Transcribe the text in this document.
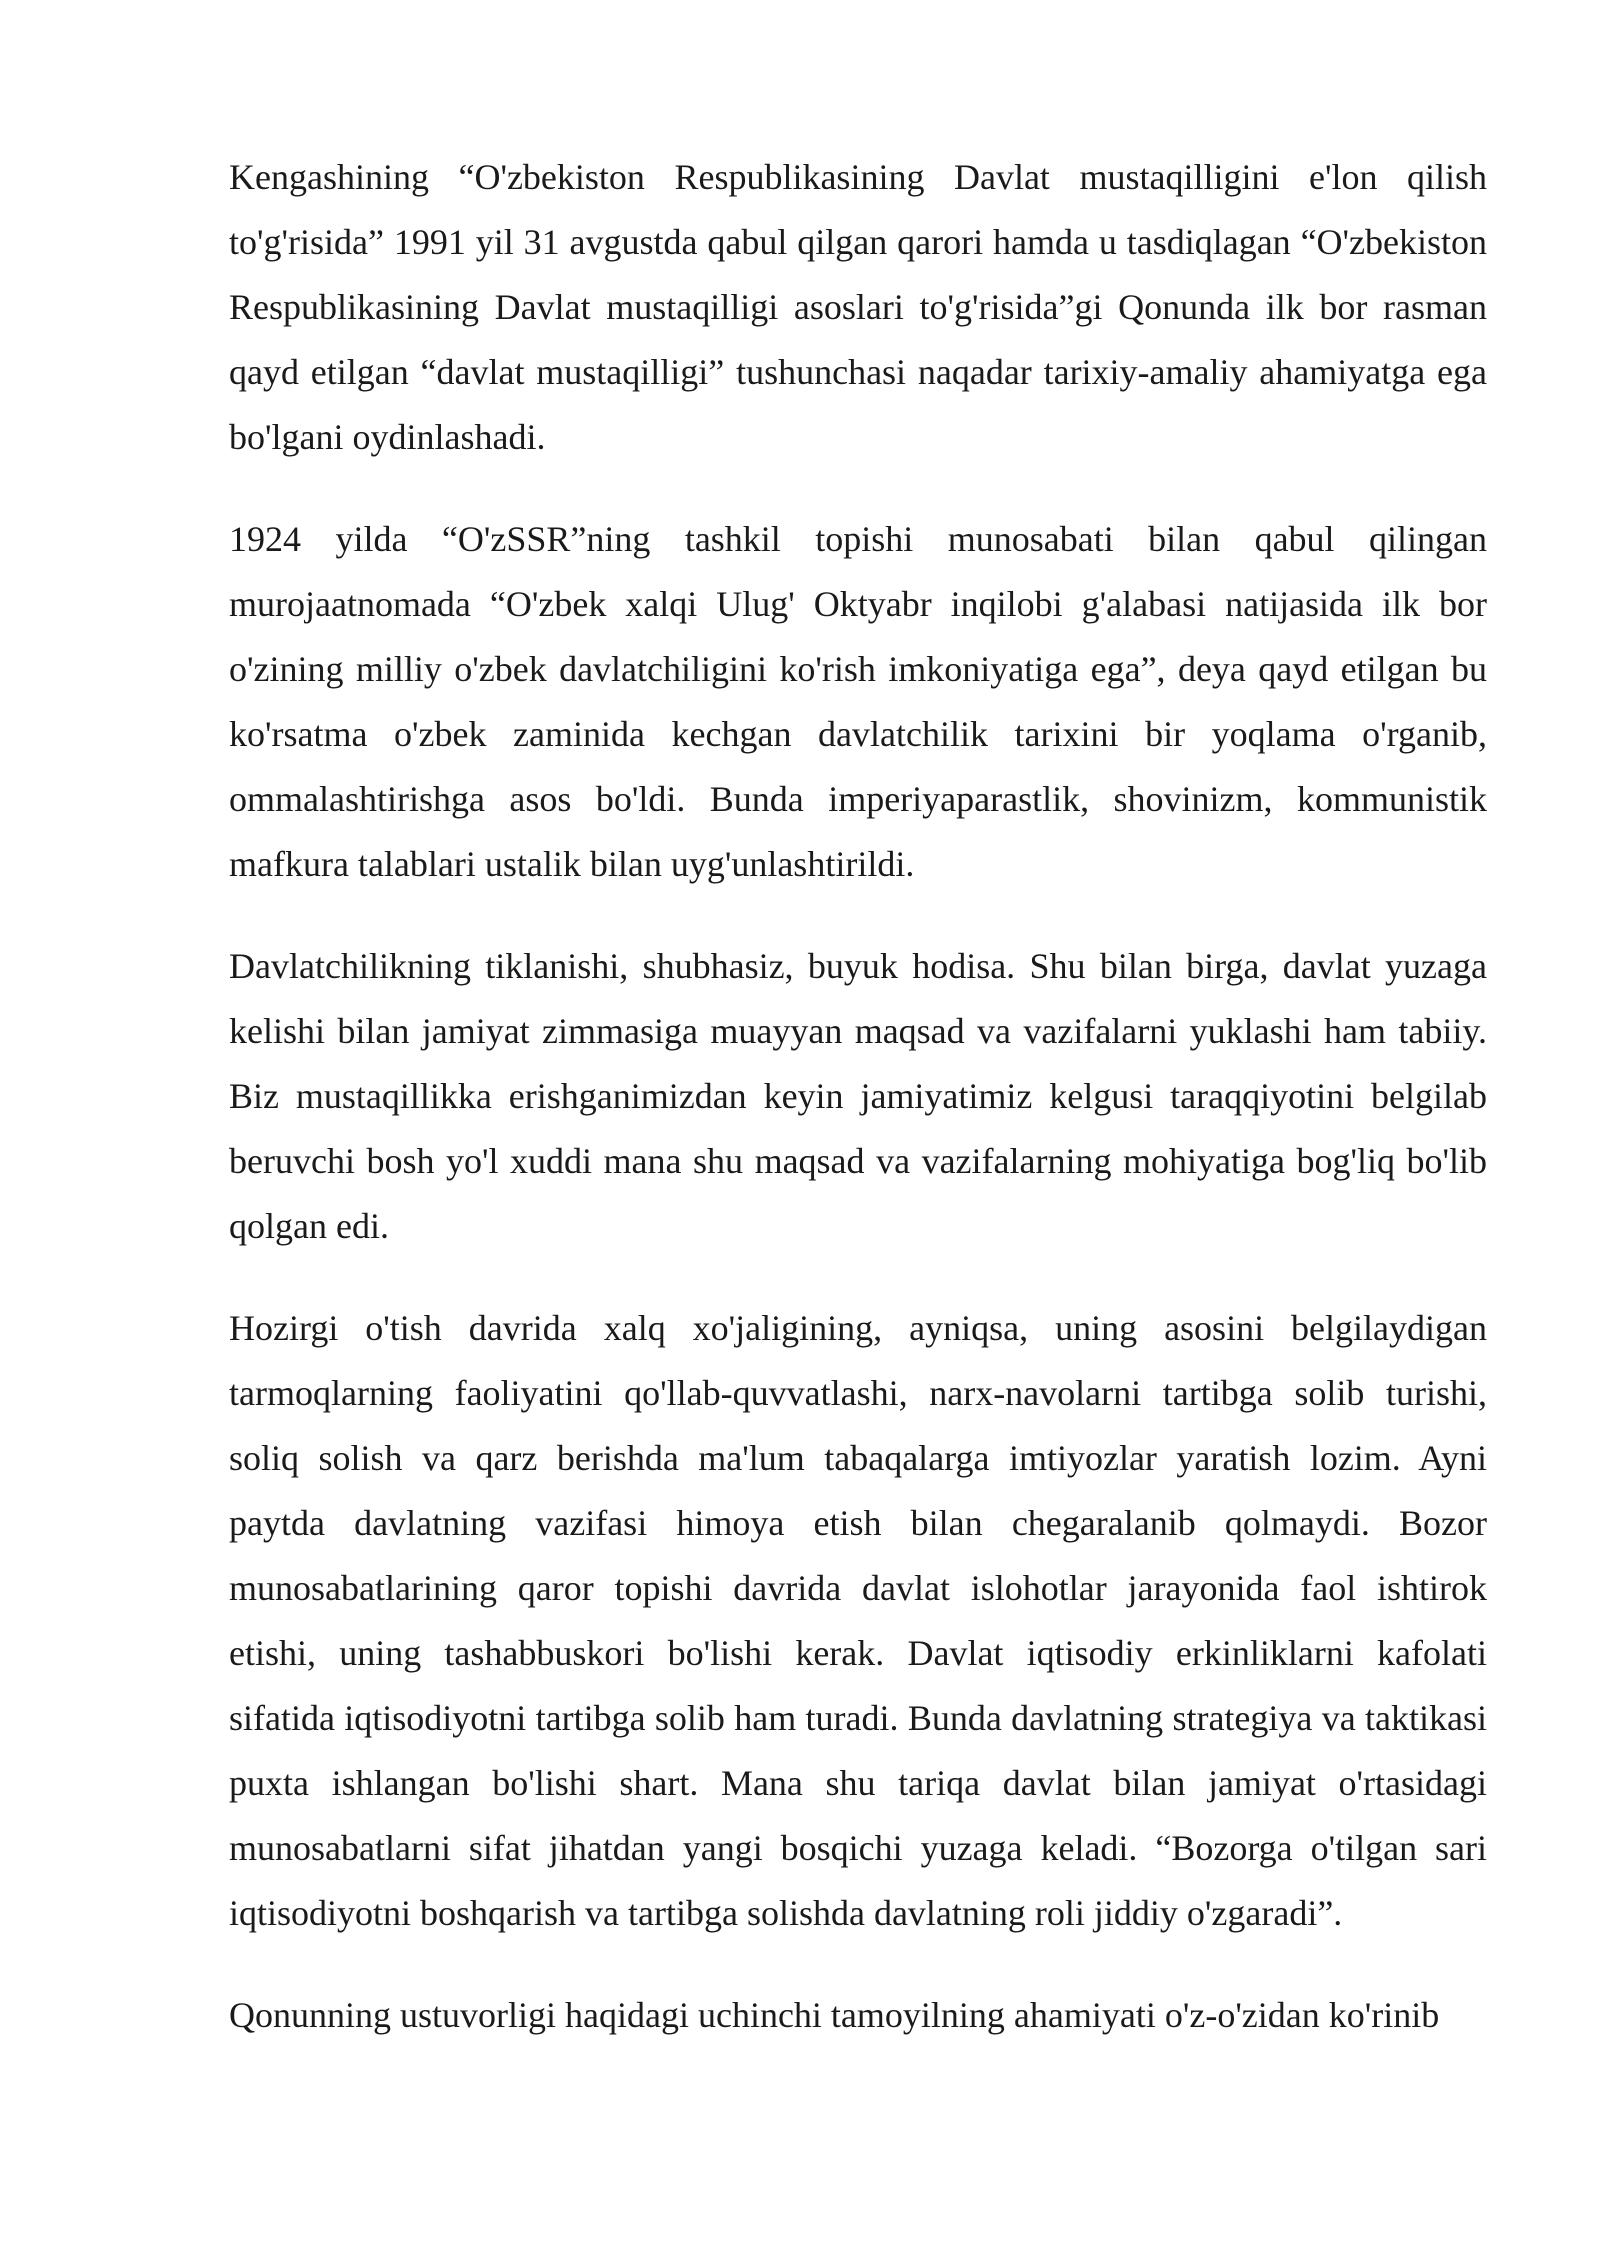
Kengashining “O'zbekiston Respublikasining Davlat mustaqilligini e'lon qilish to'g'risida” 1991 yil 31 avgustda qabul qilgan qarori hamda u tasdiqlagan “O'zbekiston Respublikasining Davlat mustaqilligi asoslari to'g'risida”gi Qonunda ilk bor rasman qayd etilgan “davlat mustaqilligi” tushunchasi naqadar tarixiy-amaliy ahamiyatga ega bo'lgani oydinlashadi.

1924 yilda “O'zSSR”ning tashkil topishi munosabati bilan qabul qilingan murojaatnomada “O'zbek xalqi Ulug' Oktyabr inqilobi g'alabasi natijasida ilk bor o'zining milliy o'zbek davlatchiligini ko'rish imkoniyatiga ega”, deya qayd etilgan bu ko'rsatma o'zbek zaminida kechgan davlatchilik tarixini bir yoqlama o'rganib, ommalashtirishga asos bo'ldi. Bunda imperiyaparastlik, shovinizm, kommunistik mafkura talablari ustalik bilan uyg'unlashtirildi.

Davlatchilikning tiklanishi, shubhasiz, buyuk hodisa. Shu bilan birga, davlat yuzaga kelishi bilan jamiyat zimmasiga muayyan maqsad va vazifalarni yuklashi ham tabiiy. Biz mustaqillikka erishganimizdan keyin jamiyatimiz kelgusi taraqqiyotini belgilab beruvchi bosh yo'l xuddi mana shu maqsad va vazifalarning mohiyatiga bog'liq bo'lib qolgan edi.

Hozirgi o'tish davrida xalq xo'jaligining, ayniqsa, uning asosini belgilaydigan tarmoqlarning faoliyatini qo'llab-quvvatlashi, narx-navolarni tartibga solib turishi, soliq solish va qarz berishda ma'lum tabaqalarga imtiyozlar yaratish lozim. Ayni paytda davlatning vazifasi himoya etish bilan chegaralanib qolmaydi. Bozor munosabatlarining qaror topishi davrida davlat islohotlar jarayonida faol ishtirok etishi, uning tashabbuskori bo'lishi kerak. Davlat iqtisodiy erkinliklarni kafolati sifatida iqtisodiyotni tartibga solib ham turadi. Bunda davlatning strategiya va taktikasi puxta ishlangan bo'lishi shart. Mana shu tariqa davlat bilan jamiyat o'rtasidagi munosabatlarni sifat jihatdan yangi bosqichi yuzaga keladi. “Bozorga o'tilgan sari iqtisodiyotni boshqarish va tartibga solishda davlatning roli jiddiy o'zgaradi”.

Qonunning ustuvorligi haqidagi uchinchi tamoyilning ahamiyati o'z-o'zidan ko'rinib
